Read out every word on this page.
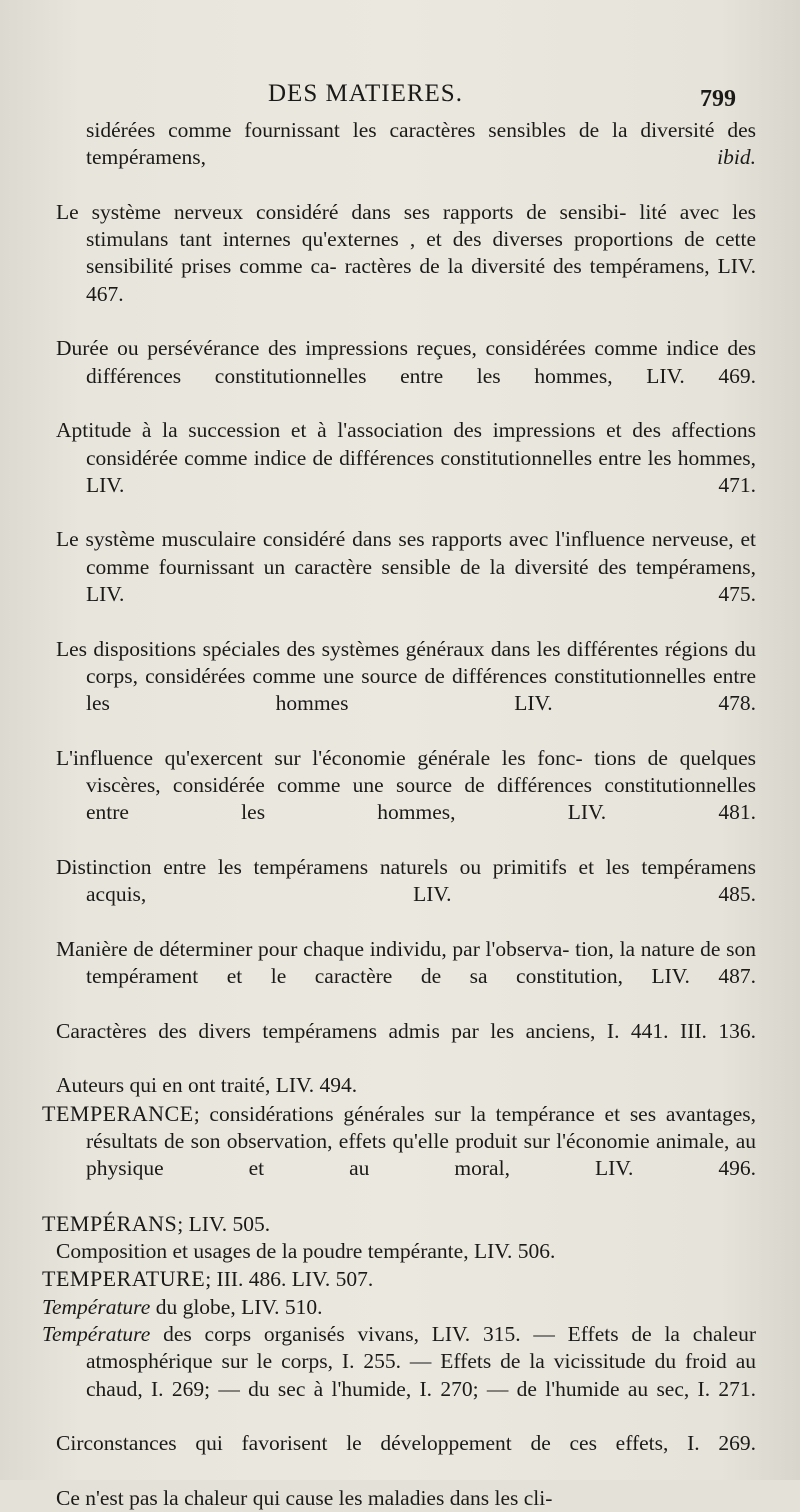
DES MATIERES.	799
sidérées comme fournissant les caractères sensibles de la diversité des tempéramens,	ibid.
Le système nerveux considéré dans ses rapports de sensibi- lité avec les stimulans tant internes qu'externes , et des diverses proportions de cette sensibilité prises comme ca- ractères de la diversité des tempéramens, LIV. 467.
Durée ou persévérance des impressions reçues, considérées comme indice des différences constitutionnelles entre les hommes, LIV. 469.
Aptitude à la succession et à l'association des impressions et des affections considérée comme indice de différences constitutionnelles entre les hommes, LIV. 471.
Le système musculaire considéré dans ses rapports avec l'influence nerveuse, et comme fournissant un caractère sensible de la diversité des tempéramens, LIV. 475.
Les dispositions spéciales des systèmes généraux dans les différentes régions du corps, considérées comme une source de différences constitutionnelles entre les hommes	LIV. 478.
L'influence qu'exercent sur l'économie générale les fonc- tions de quelques viscères, considérée comme une source de différences constitutionnelles entre les hommes, LIV.	481.
Distinction entre les tempéramens naturels ou primitifs et les tempéramens acquis, LIV. 485.
Manière de déterminer pour chaque individu, par l'observa- tion, la nature de son tempérament et le caractère de sa constitution, LIV. 487.
Caractères des divers tempéramens admis par les anciens, I. 441. III. 136.
Auteurs qui en ont traité, LIV. 494.
TEMPERANCE; considérations générales sur la tempérance et ses avantages, résultats de son observation, effets qu'elle produit sur l'économie animale, au physique et au moral,	LIV. 496.
TEMPÉRANS; LIV. 505.
Composition et usages de la poudre tempérante, LIV. 506.
TEMPERATURE; III. 486. LIV. 507.
Température du globe, LIV. 510.
Température des corps organisés vivans, LIV. 315. — Effets de la chaleur atmosphérique sur le corps, I. 255. — Effets de la vicissitude du froid au chaud, I. 269; — du sec à l'humide, I. 270; — de l'humide au sec, I. 271.
Circonstances qui favorisent le développement de ces effets, I. 269.
Ce n'est pas la chaleur qui cause les maladies dans les cli-
